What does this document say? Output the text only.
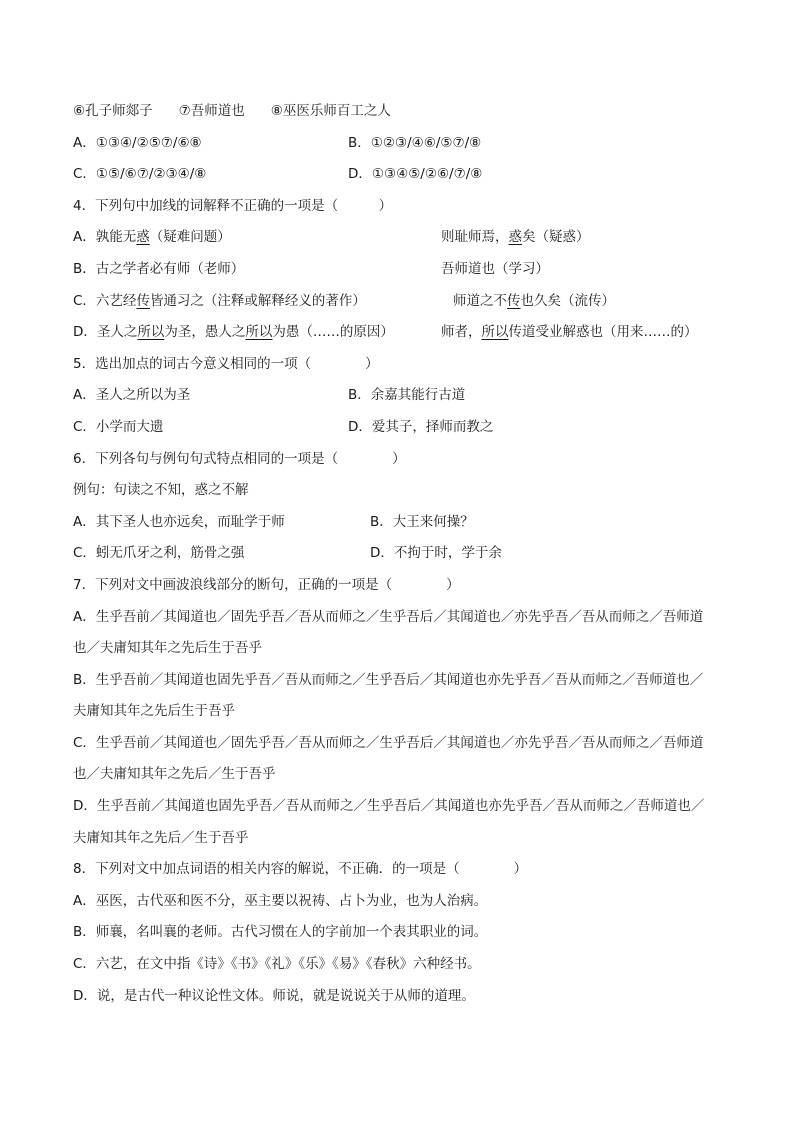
⑥孔子师郯子 ⑦吾师道也 ⑧巫医乐师百工之人
A．①③④/②⑤⑦/⑥⑧	B．①②③/④⑥/⑤⑦/⑧
C．①⑤/⑥⑦/②③④/⑧	D．①③④⑤/②⑥/⑦/⑧
4．下列句中加线的词解释不正确的一项是（　　　）
A．孰能无惑（疑难问题）	则耻师焉，惑矣（疑惑）
B．古之学者必有师（老师）	吾师道也（学习）
C．六艺经传皆通习之（注释或解释经义的著作）	师道之不传也久矣（流传）
D．圣人之所以为圣，愚人之所以为愚（……的原因）	师者，所以传道受业解惑也（用来……的）
5．选出加点的词古今意义相同的一项（　　　　）
A．圣人之所以为圣	B．余嘉其能行古道
C．小学而大遗	D．爱其子，择师而教之
6．下列各句与例句句式特点相同的一项是（　　　　）
例句：句读之不知，惑之不解
A．其下圣人也亦远矣，而耻学于师	B．大王来何操？
C．蚓无爪牙之利，筋骨之强	D．不拘于时，学于余
7．下列对文中画波浪线部分的断句，正确的一项是（　　　　）
A．生乎吾前／其闻道也／固先乎吾／吾从而师之／生乎吾后／其闻道也／亦先乎吾／吾从而师之／吾师道
也／夫庸知其年之先后生于吾乎
B．生乎吾前／其闻道也固先乎吾／吾从而师之／生乎吾后／其闻道也亦先乎吾／吾从而师之／吾师道也／
夫庸知其年之先后生于吾乎
C．生乎吾前／其闻道也／固先乎吾／吾从而师之／生乎吾后／其闻道也／亦先乎吾／吾从而师之／吾师道
也／夫庸知其年之先后／生于吾乎
D．生乎吾前／其闻道也固先乎吾／吾从而师之／生乎吾后／其闻道也亦先乎吾／吾从而师之／吾师道也／
夫庸知其年之先后／生于吾乎
8．下列对文中加点词语的相关内容的解说，不正确．的一项是（　　　　）
A．巫医，古代巫和医不分，巫主要以祝祷、占卜为业，也为人治病。
B．师襄，名叫襄的老师。古代习惯在人的字前加一个表其职业的词。
C．六艺，在文中指《诗》《书》《礼》《乐》《易》《春秋》六种经书。
D．说，是古代一种议论性文体。师说，就是说说关于从师的道理。
